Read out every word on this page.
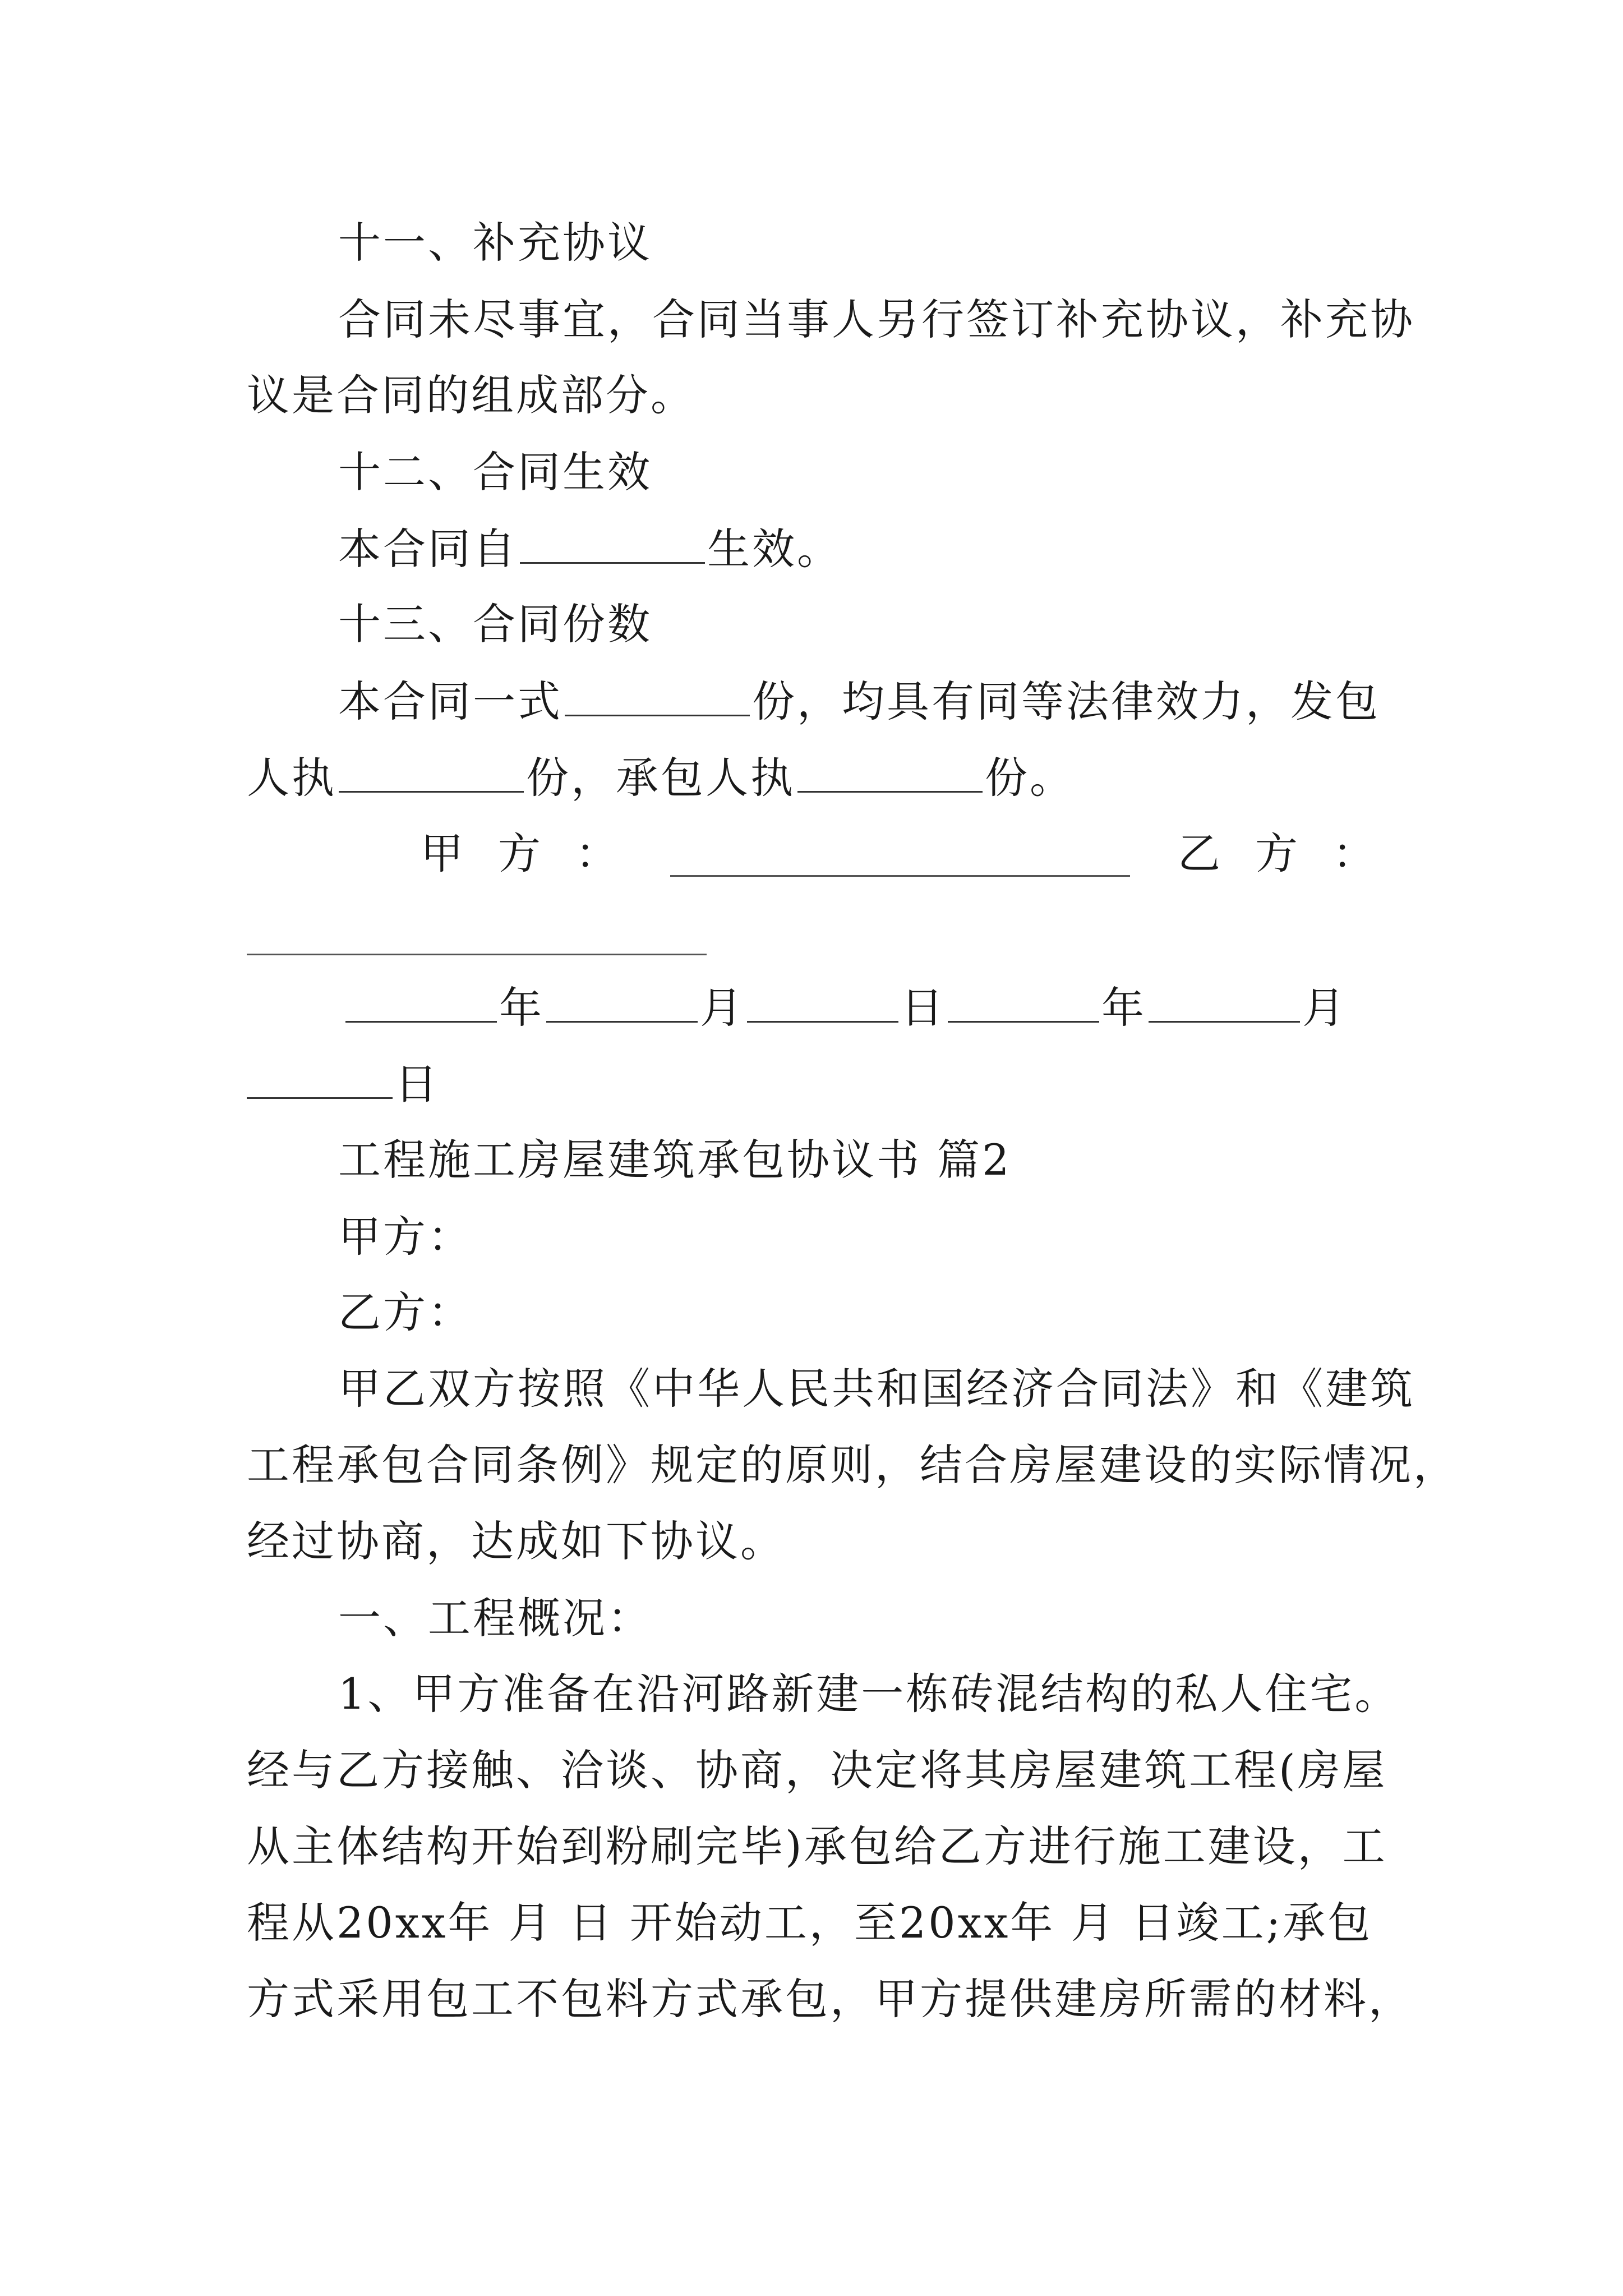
十一、补充协议
合同未尽事宜，合同当事人另行签订补充协议，补充协
议是合同的组成部分。
十二、合同生效
本合同自	生效。
十三、合同份数
本合同一式	份，均具有同等法律效力，发包
人执	份，承包人执	份。
甲方：	乙方：
年	月	日	年	月
日
工程施工房屋建筑承包协议书 篇2
甲方：
乙方：
甲乙双方按照《中华人民共和国经济合同法》和《建筑
工程承包合同条例》规定的原则，结合房屋建设的实际情况，
经过协商，达成如下协议。
一、工程概况：
1、甲方准备在沿河路新建一栋砖混结构的私人住宅。
经与乙方接触、洽谈、协商，决定将其房屋建筑工程(房屋
从主体结构开始到粉刷完毕)承包给乙方进行施工建设，工
程从20xx年 月 日 开始动工，至20xx年 月 日竣工;承包
方式采用包工不包料方式承包，甲方提供建房所需的材料，
